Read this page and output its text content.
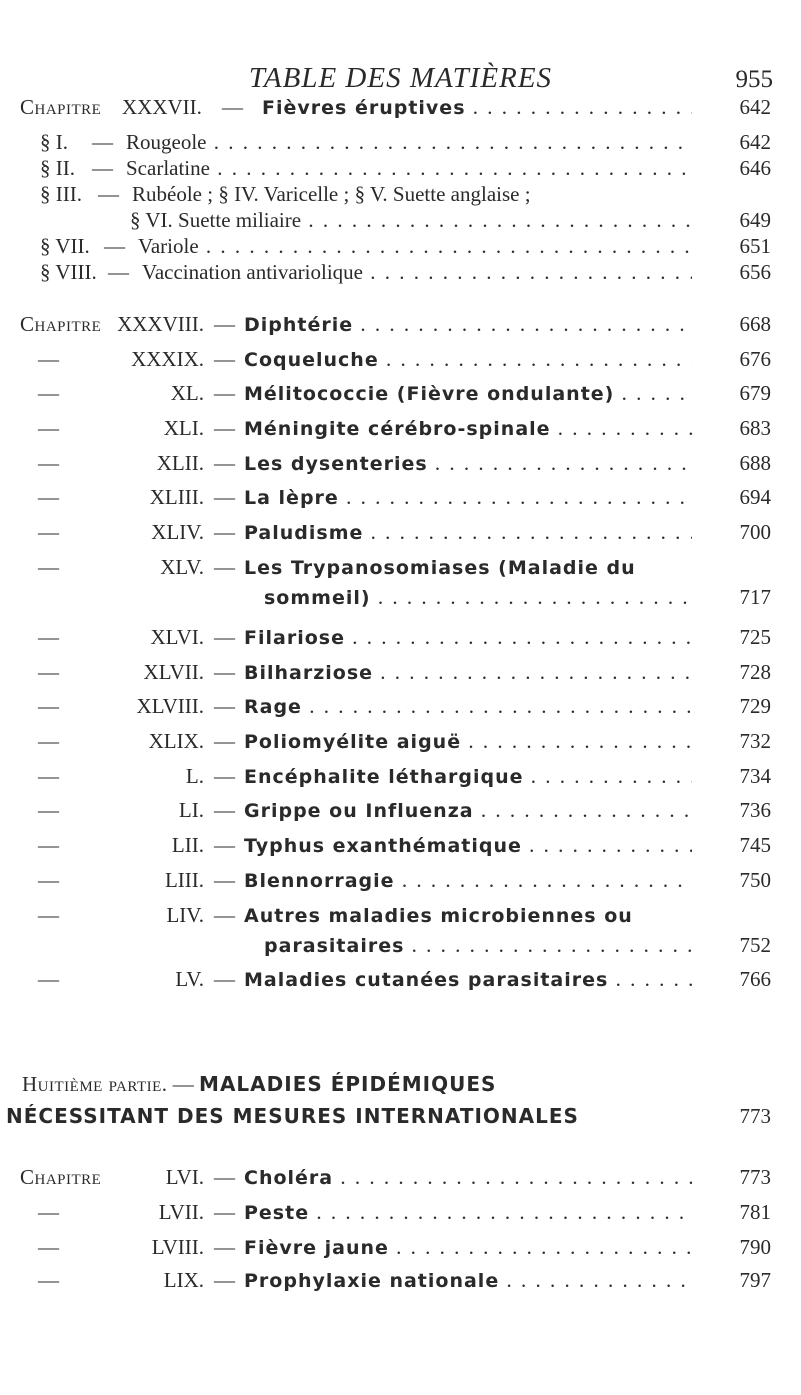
TABLE DES MATIÈRES	955
Chapitre XXXVII. — Fièvres éruptives . . .	642
§ I. — Rougeole . . .	642
§ II. — Scarlatine . . .	646
§ III. — Rubéole ; § IV. Varicelle ; § V. Suette anglaise ;
§ VI. Suette miliaire . . .	649
§ VII. — Variole . . .	651
§ VIII. — Vaccination antivariolique . . .	656
Chapitre XXXVIII. — Diphtérie . . .	668
—	XXXIX. — Coqueluche . . .	676
—	XL. — Mélitococcie (Fièvre ondulante) . . .	679
—	XLI. — Méningite cérébro-spinale . . .	683
—	XLII. — Les dysenteries . . .	688
—	XLIII. — La lèpre . . .	694
—	XLIV. — Paludisme . . .	700
—	XLV. — Les Trypanosomiases (Maladie du
sommeil) . . .	717
—	XLVI. — Filariose . . .	725
—	XLVII. — Bilharziose . . .	728
—	XLVIII. — Rage . . .	729
—	XLIX. — Poliomyélite aiguë . . .	732
—	L. — Encéphalite léthargique . . .	734
—	LI. — Grippe ou Influenza . . .	736
—	LII. — Typhus exanthématique . . .	745
—	LIII. — Blennorragie . . .	750
—	LIV. — Autres maladies microbiennes ou
parasitaires . . .	752
—	LV. — Maladies cutanées parasitaires . . .	766
Huitième partie. — MALADIES ÉPIDÉMIQUES
NÉCESSITANT DES MESURES INTERNATIONALES	773
Chapitre	LVI. — Choléra . . .	773
—	LVII. — Peste . . .	781
—	LVIII. — Fièvre jaune . . .	790
—	LIX. — Prophylaxie nationale . . .	797
